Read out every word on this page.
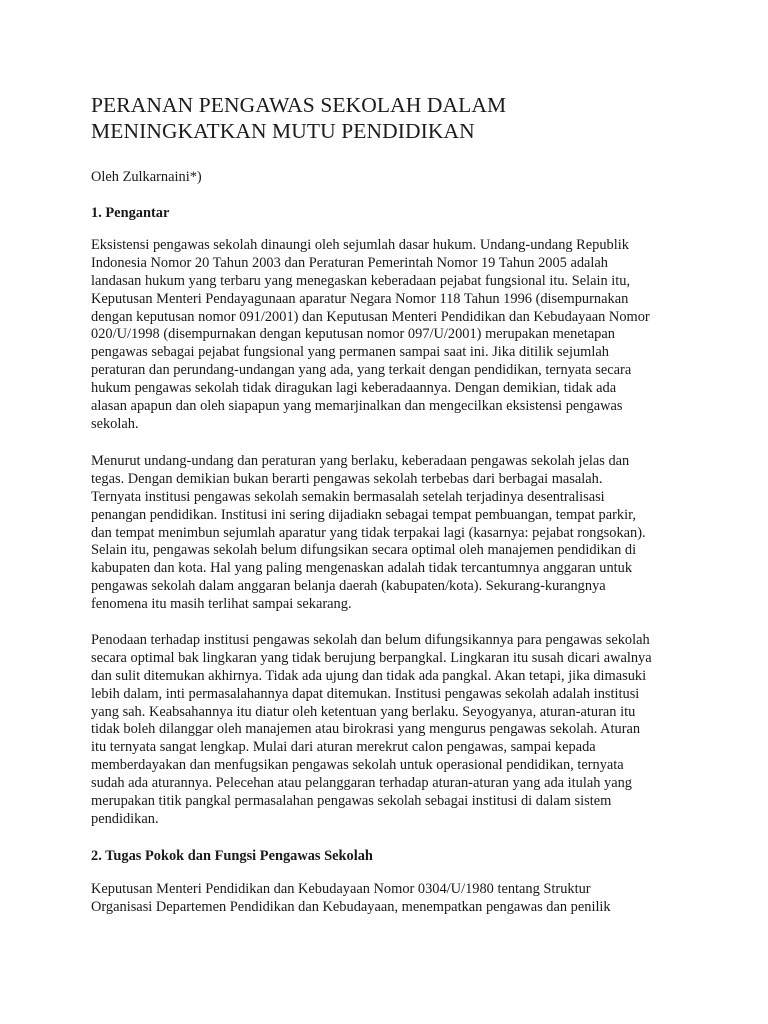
PERANAN PENGAWAS SEKOLAH DALAM
MENINGKATKAN MUTU PENDIDIKAN

Oleh Zulkarnaini*)

1. Pengantar

Eksistensi pengawas sekolah dinaungi oleh sejumlah dasar hukum. Undang-undang Republik
Indonesia Nomor 20 Tahun 2003 dan Peraturan Pemerintah Nomor 19 Tahun 2005 adalah
landasan hukum yang terbaru yang menegaskan keberadaan pejabat fungsional itu. Selain itu,
Keputusan Menteri Pendayagunaan aparatur Negara Nomor 118 Tahun 1996 (disempurnakan
dengan keputusan nomor 091/2001) dan Keputusan Menteri Pendidikan dan Kebudayaan Nomor
020/U/1998 (disempurnakan dengan keputusan nomor 097/U/2001) merupakan menetapan
pengawas sebagai pejabat fungsional yang permanen sampai saat ini. Jika ditilik sejumlah
peraturan dan perundang-undangan yang ada, yang terkait dengan pendidikan, ternyata secara
hukum pengawas sekolah tidak diragukan lagi keberadaannya. Dengan demikian, tidak ada
alasan apapun dan oleh siapapun yang memarjinalkan dan mengecilkan eksistensi pengawas
sekolah.
Menurut undang-undang dan peraturan yang berlaku, keberadaan pengawas sekolah jelas dan
tegas. Dengan demikian bukan berarti pengawas sekolah terbebas dari berbagai masalah.
Ternyata institusi pengawas sekolah semakin bermasalah setelah terjadinya desentralisasi
penangan pendidikan. Institusi ini sering dijadiakn sebagai tempat pembuangan, tempat parkir,
dan tempat menimbun sejumlah aparatur yang tidak terpakai lagi (kasarnya: pejabat rongsokan).
Selain itu, pengawas sekolah belum difungsikan secara optimal oleh manajemen pendidikan di
kabupaten dan kota. Hal yang paling mengenaskan adalah tidak tercantumnya anggaran untuk
pengawas sekolah dalam anggaran belanja daerah (kabupaten/kota). Sekurang-kurangnya
fenomena itu masih terlihat sampai sekarang.
Penodaan terhadap institusi pengawas sekolah dan belum difungsikannya para pengawas sekolah
secara optimal bak lingkaran yang tidak berujung berpangkal. Lingkaran itu susah dicari awalnya
dan sulit ditemukan akhirnya. Tidak ada ujung dan tidak ada pangkal. Akan tetapi, jika dimasuki
lebih dalam, inti permasalahannya dapat ditemukan. Institusi pengawas sekolah adalah institusi
yang sah. Keabsahannya itu diatur oleh ketentuan yang berlaku. Seyogyanya, aturan-aturan itu
tidak boleh dilanggar oleh manajemen atau birokrasi yang mengurus pengawas sekolah. Aturan
itu ternyata sangat lengkap. Mulai dari aturan merekrut calon pengawas, sampai kepada
memberdayakan dan menfugsikan pengawas sekolah untuk operasional pendidikan, ternyata
sudah ada aturannya. Pelecehan atau pelanggaran terhadap aturan-aturan yang ada itulah yang
merupakan titik pangkal permasalahan pengawas sekolah sebagai institusi di dalam sistem
pendidikan.

2. Tugas Pokok dan Fungsi Pengawas Sekolah

Keputusan Menteri Pendidikan dan Kebudayaan Nomor 0304/U/1980 tentang Struktur
Organisasi Departemen Pendidikan dan Kebudayaan, menempatkan pengawas dan penilik
